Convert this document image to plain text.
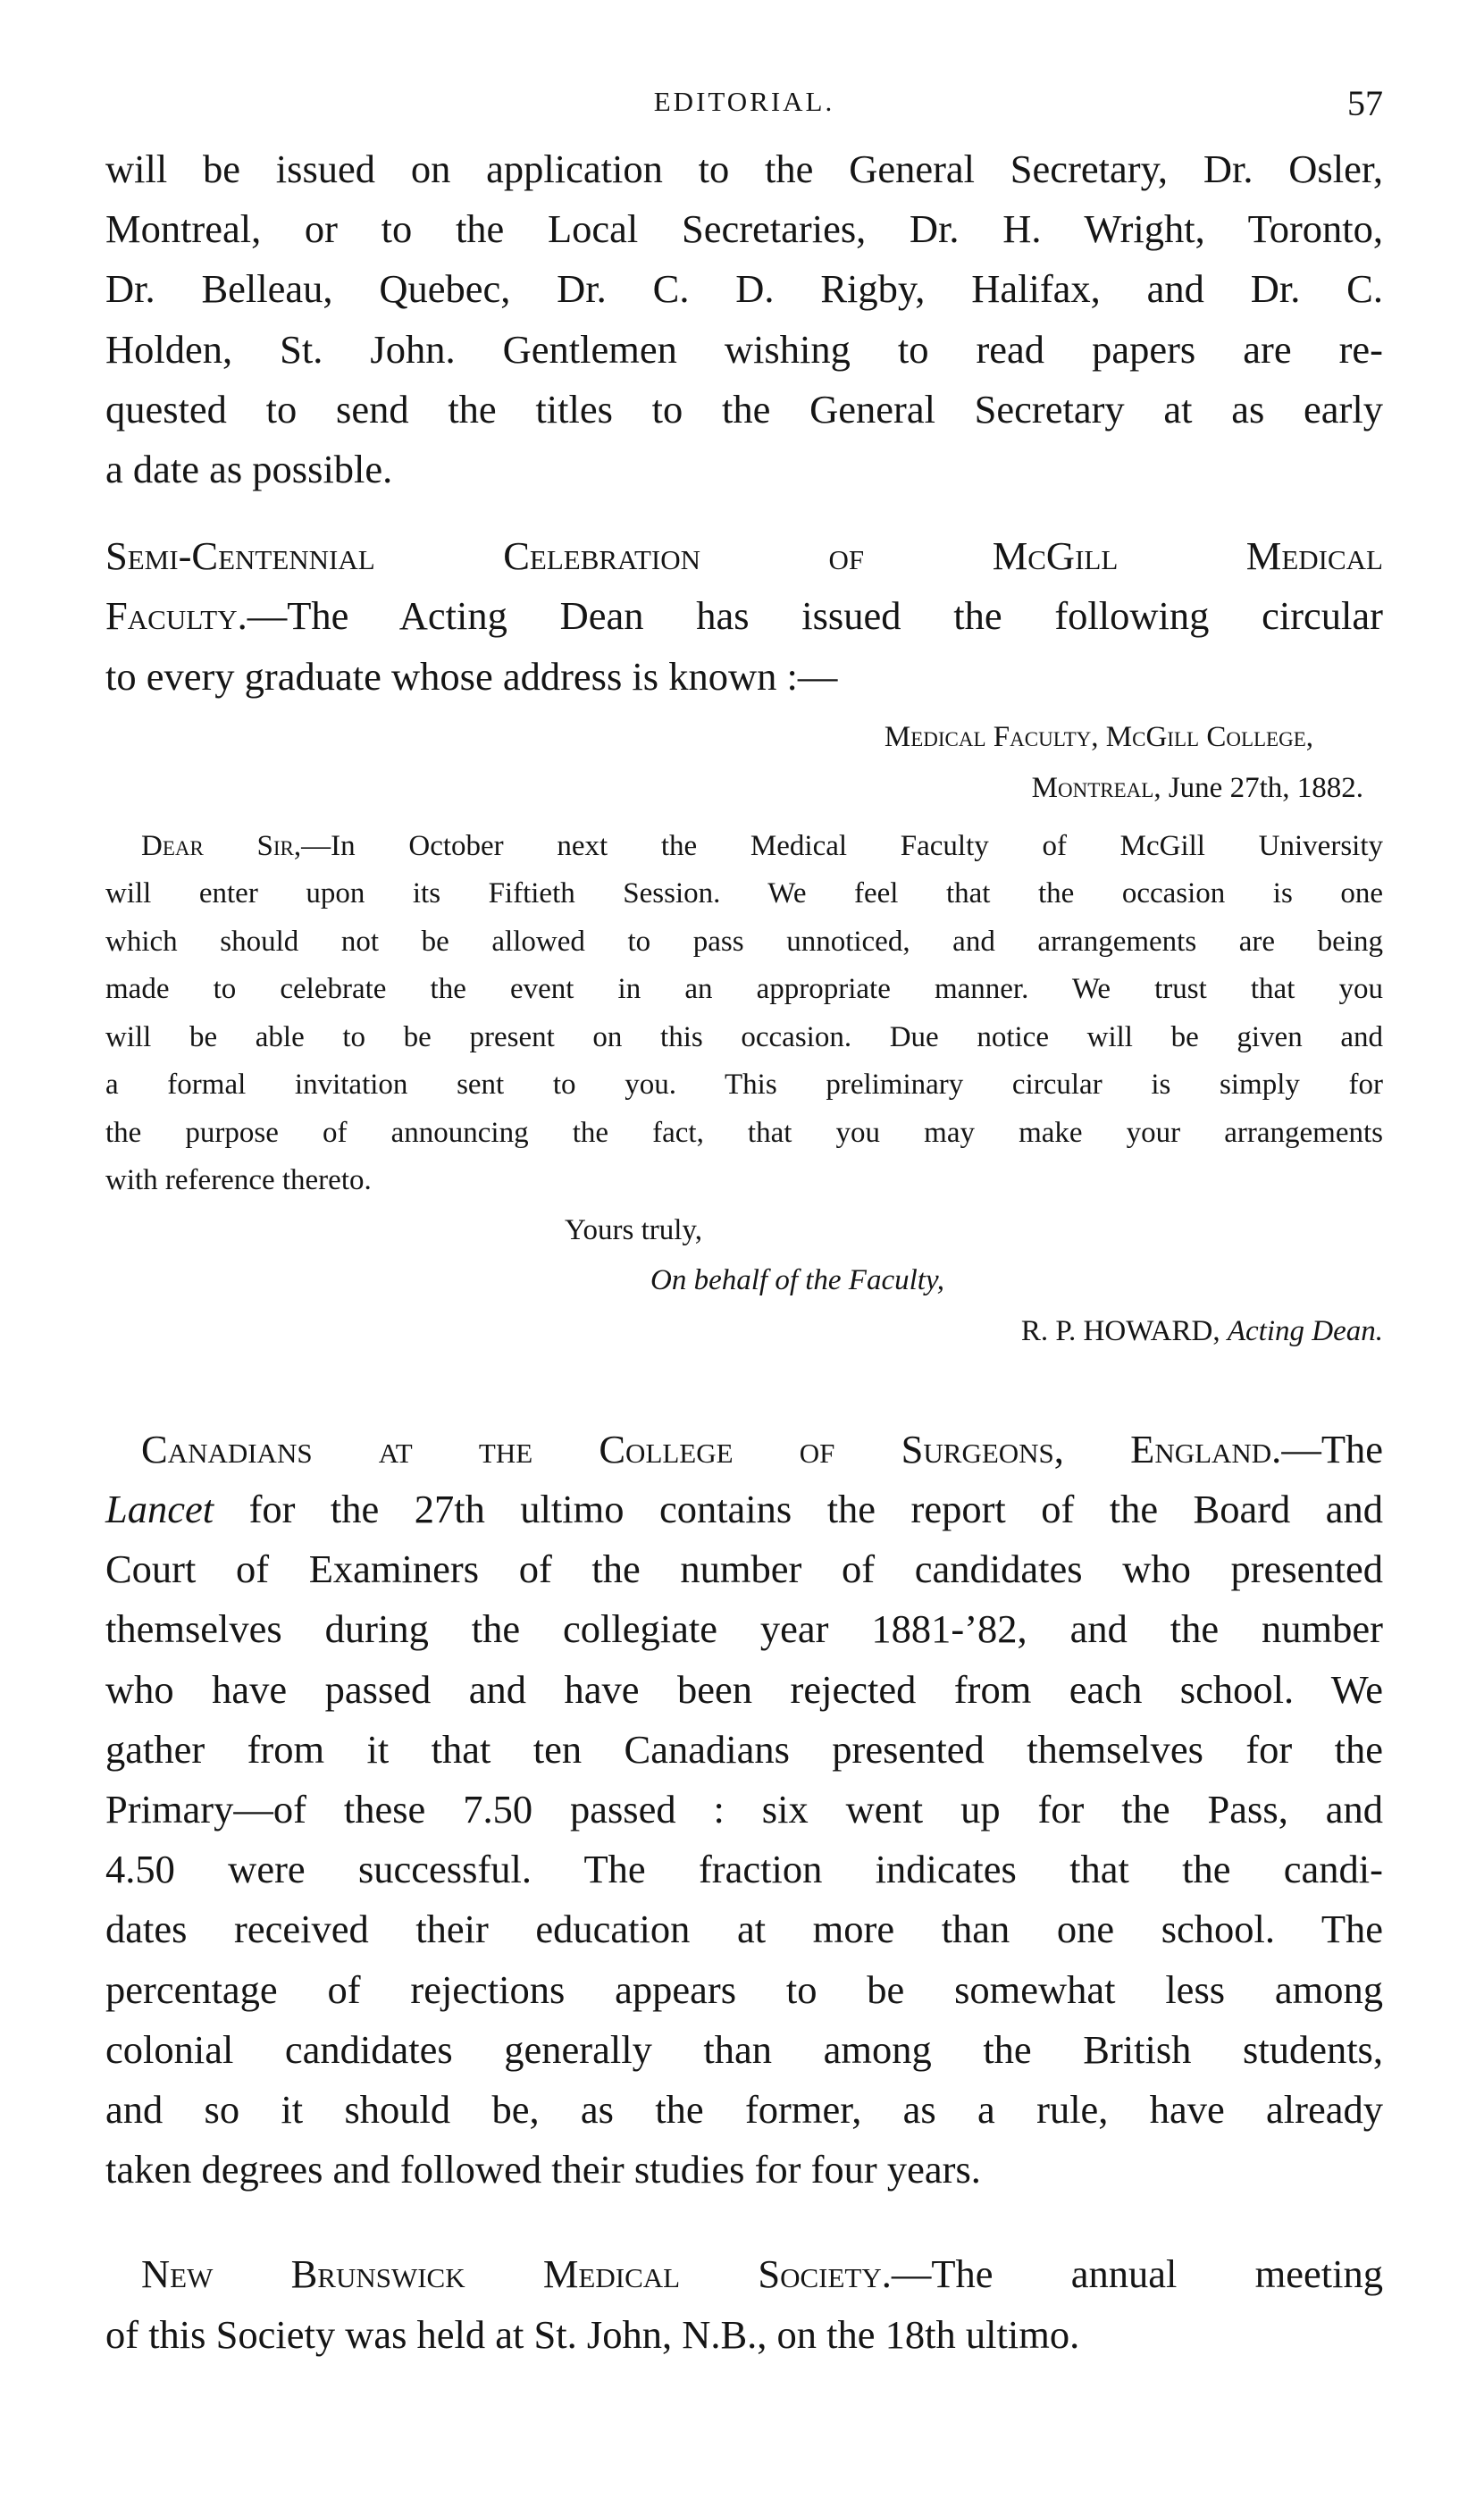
EDITORIAL.	57

will be issued on application to the General Secretary, Dr. Osler,

Montreal, or to the Local Secretaries, Dr. H. Wright, Toronto,

Dr. Belleau, Quebec, Dr. C. D. Rigby, Halifax, and Dr. C.

Holden, St. John. Gentlemen wishing to read papers are re-

quested to send the titles to the General Secretary at as early

a date as possible.

Semi-Centennial Celebration of McGill Medical

Faculty.—The Acting Dean has issued the following circular

to every graduate whose address is known :—

Medical Faculty, McGill College,
Montreal, June 27th, 1882.
Dear Sir,—In October next the Medical Faculty of McGill University
will enter upon its Fiftieth Session. We feel that the occasion is one
which should not be allowed to pass unnoticed, and arrangements are being
made to celebrate the event in an appropriate manner. We trust that you
will be able to be present on this occasion. Due notice will be given and
a formal invitation sent to you. This preliminary circular is simply for
the purpose of announcing the fact, that you may make your arrangements
with reference thereto.
Yours truly,
On behalf of the Faculty,
R. P. HOWARD, Acting Dean.

Canadians at the College of Surgeons, England.—The

Lancet for the 27th ultimo contains the report of the Board and

Court of Examiners of the number of candidates who presented

themselves during the collegiate year 1881-’82, and the number

who have passed and have been rejected from each school. We

gather from it that ten Canadians presented themselves for the

Primary—of these 7.50 passed : six went up for the Pass, and

4.50 were successful. The fraction indicates that the candi-

dates received their education at more than one school. The

percentage of rejections appears to be somewhat less among

colonial candidates generally than among the British students,

and so it should be, as the former, as a rule, have already

taken degrees and followed their studies for four years.

New Brunswick Medical Society.—The annual meeting

of this Society was held at St. John, N.B., on the 18th ultimo.
